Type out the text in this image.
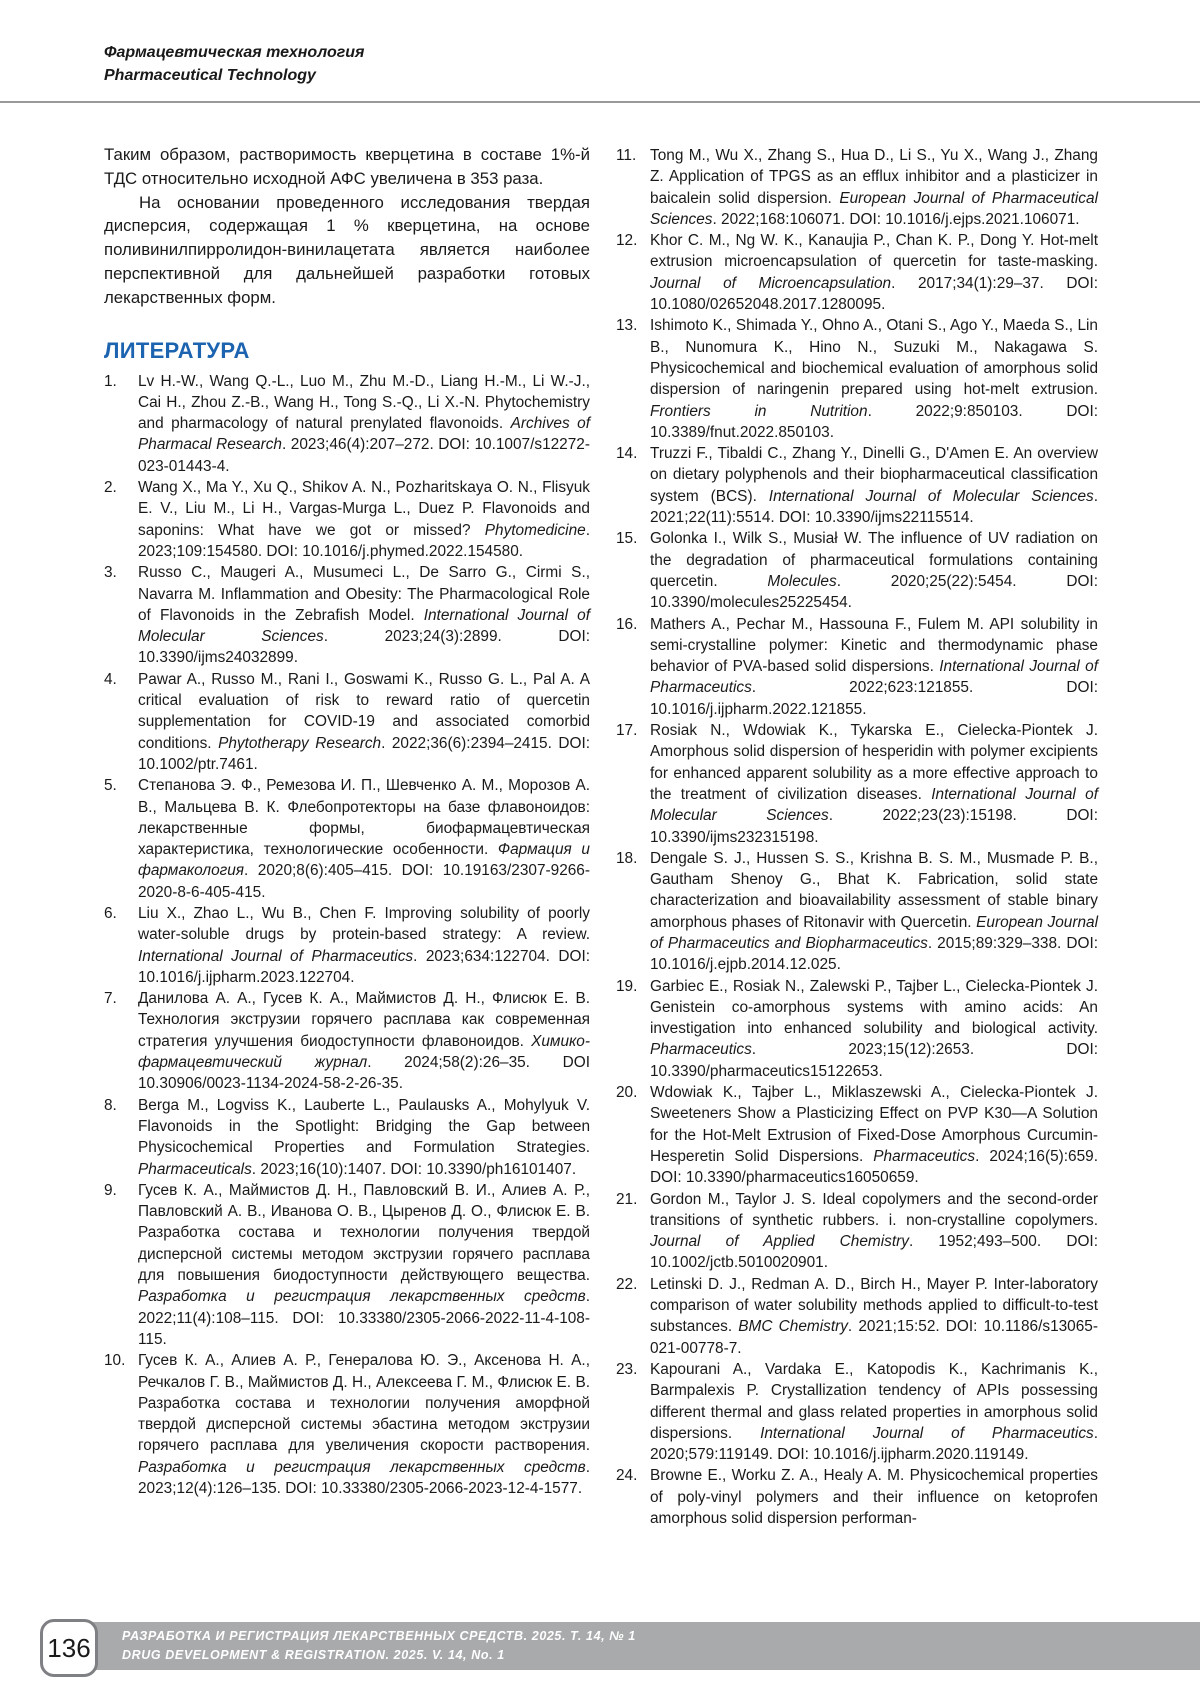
Фармацевтическая технология
Pharmaceutical Technology

Таким образом, растворимость кверцетина в составе 1%-й ТДС относительно исходной АФС увеличена в 353 раза.

На основании проведенного исследования твердая дисперсия, содержащая 1 % кверцетина, на основе поливинилпирролидон-винилацетата является наиболее перспективной для дальнейшей разработки готовых лекарственных форм.

ЛИТЕРАТУРА
1.	Lv H.-W., Wang Q.-L., Luo M., Zhu M.-D., Liang H.-M., Li W.-J., Cai H., Zhou Z.-B., Wang H., Tong S.-Q., Li X.-N. Phytochemistry and pharmacology of natural prenylated flavonoids. Archives of Pharmacal Research. 2023;46(4):207–272. DOI: 10.1007/s12272-023-01443-4.
2.	Wang X., Ma Y., Xu Q., Shikov A. N., Pozharitskaya O. N., Flisyuk E. V., Liu M., Li H., Vargas-Murga L., Duez P. Flavonoids and saponins: What have we got or missed? Phytomedicine. 2023;109:154580. DOI: 10.1016/j.phymed.2022.154580.
3.	Russo C., Maugeri A., Musumeci L., De Sarro G., Cirmi S., Navarra M. Inflammation and Obesity: The Pharmacological Role of Flavonoids in the Zebrafish Model. International Journal of Molecular Sciences. 2023;24(3):2899. DOI: 10.3390/ijms24032899.
4.	Pawar A., Russo M., Rani I., Goswami K., Russo G. L., Pal A. A critical evaluation of risk to reward ratio of quercetin supplementation for COVID-19 and associated comorbid conditions. Phytotherapy Research. 2022;36(6):2394–2415. DOI: 10.1002/ptr.7461.
5.	Степанова Э. Ф., Ремезова И. П., Шевченко А. М., Морозов А. В., Мальцева В. К. Флебопротекторы на базе флавоноидов: лекарственные формы, биофармацевтическая характеристика, технологические особенности. Фармация и фармакология. 2020;8(6):405–415. DOI: 10.19163/2307-9266-2020-8-6-405-415.
6.	Liu X., Zhao L., Wu B., Chen F. Improving solubility of poorly water-soluble drugs by protein-based strategy: A review. International Journal of Pharmaceutics. 2023;634:122704. DOI: 10.1016/j.ijpharm.2023.122704.
7.	Данилова А. А., Гусев К. А., Маймистов Д. Н., Флисюк Е. В. Технология экструзии горячего расплава как современная стратегия улучшения биодоступности флавоноидов. Химико-фармацевтический журнал. 2024;58(2):26–35. DOI 10.30906/0023-1134-2024-58-2-26-35.
8.	Berga M., Logviss K., Lauberte L., Paulausks A., Mohylyuk V. Flavonoids in the Spotlight: Bridging the Gap between Physicochemical Properties and Formulation Strategies. Pharmaceuticals. 2023;16(10):1407. DOI: 10.3390/ph16101407.
9.	Гусев К. А., Маймистов Д. Н., Павловский В. И., Алиев А. Р., Павловский А. В., Иванова О. В., Цыренов Д. О., Флисюк Е. В. Разработка состава и технологии получения твердой дисперсной системы методом экструзии горячего расплава для повышения биодоступности действующего вещества. Разработка и регистрация лекарственных средств. 2022;11(4):108–115. DOI: 10.33380/2305-2066-2022-11-4-108-115.
10. Гусев К. А., Алиев А. Р., Генералова Ю. Э., Аксенова Н. А., Речкалов Г. В., Маймистов Д. Н., Алексеева Г. М., Флисюк Е. В. Разработка состава и технологии получения аморфной твердой дисперсной системы эбастина методом экструзии горячего расплава для увеличения скорости растворения. Разработка и регистрация лекарственных средств. 2023;12(4):126–135. DOI: 10.33380/2305-2066-2023-12-4-1577.
11. Tong M., Wu X., Zhang S., Hua D., Li S., Yu X., Wang J., Zhang Z. Application of TPGS as an efflux inhibitor and a plasticizer in baicalein solid dispersion. European Journal of Pharmaceutical Sciences. 2022;168:106071. DOI: 10.1016/j.ejps.2021.106071.
12. Khor C. M., Ng W. K., Kanaujia P., Chan K. P., Dong Y. Hot-melt extrusion microencapsulation of quercetin for taste-masking. Journal of Microencapsulation. 2017;34(1):29–37. DOI: 10.1080/02652048.2017.1280095.
13. Ishimoto K., Shimada Y., Ohno A., Otani S., Ago Y., Maeda S., Lin B., Nunomura K., Hino N., Suzuki M., Nakagawa S. Physicochemical and biochemical evaluation of amorphous solid dispersion of naringenin prepared using hot-melt extrusion. Frontiers in Nutrition. 2022;9:850103. DOI: 10.3389/fnut.2022.850103.
14. Truzzi F., Tibaldi C., Zhang Y., Dinelli G., D'Amen E. An overview on dietary polyphenols and their biopharmaceutical classification system (BCS). International Journal of Molecular Sciences. 2021;22(11):5514. DOI: 10.3390/ijms22115514.
15. Golonka I., Wilk S., Musiał W. The influence of UV radiation on the degradation of pharmaceutical formulations containing quercetin. Molecules. 2020;25(22):5454. DOI: 10.3390/molecules25225454.
16. Mathers A., Pechar M., Hassouna F., Fulem M. API solubility in semi-crystalline polymer: Kinetic and thermodynamic phase behavior of PVA-based solid dispersions. International Journal of Pharmaceutics. 2022;623:121855. DOI: 10.1016/j.ijpharm.2022.121855.
17. Rosiak N., Wdowiak K., Tykarska E., Cielecka-Piontek J. Amorphous solid dispersion of hesperidin with polymer excipients for enhanced apparent solubility as a more effective approach to the treatment of civilization diseases. International Journal of Molecular Sciences. 2022;23(23):15198. DOI: 10.3390/ijms232315198.
18. Dengale S. J., Hussen S. S., Krishna B. S. M., Musmade P. B., Gautham Shenoy G., Bhat K. Fabrication, solid state characterization and bioavailability assessment of stable binary amorphous phases of Ritonavir with Quercetin. European Journal of Pharmaceutics and Biopharmaceutics. 2015;89:329–338. DOI: 10.1016/j.ejpb.2014.12.025.
19. Garbiec E., Rosiak N., Zalewski P., Tajber L., Cielecka-Piontek J. Genistein co-amorphous systems with amino acids: An investigation into enhanced solubility and biological activity. Pharmaceutics. 2023;15(12):2653. DOI: 10.3390/pharmaceutics15122653.
20. Wdowiak K., Tajber L., Miklaszewski A., Cielecka-Piontek J. Sweeteners Show a Plasticizing Effect on PVP K30—A Solution for the Hot-Melt Extrusion of Fixed-Dose Amorphous Curcumin-Hesperetin Solid Dispersions. Pharmaceutics. 2024;16(5):659. DOI: 10.3390/pharmaceutics16050659.
21. Gordon M., Taylor J. S. Ideal copolymers and the second-order transitions of synthetic rubbers. i. non-crystalline copolymers. Journal of Applied Chemistry. 1952;493–500. DOI: 10.1002/jctb.5010020901.
22. Letinski D. J., Redman A. D., Birch H., Mayer P. Inter-laboratory comparison of water solubility methods applied to difficult-to-test substances. BMC Chemistry. 2021;15:52. DOI: 10.1186/s13065-021-00778-7.
23. Kapourani A., Vardaka E., Katopodis K., Kachrimanis K., Barmpalexis P. Crystallization tendency of APIs possessing different thermal and glass related properties in amorphous solid dispersions. International Journal of Pharmaceutics. 2020;579:119149. DOI: 10.1016/j.ijpharm.2020.119149.
24. Browne E., Worku Z. A., Healy A. M. Physicochemical properties of poly-vinyl polymers and their influence on ketoprofen amorphous solid dispersion performan-
РАЗРАБОТКА И РЕГИСТРАЦИЯ ЛЕКАРСТВЕННЫХ СРЕДСТВ. 2025. Т. 14, № 1
DRUG DEVELOPMENT & REGISTRATION. 2025. V. 14, No. 1
136
